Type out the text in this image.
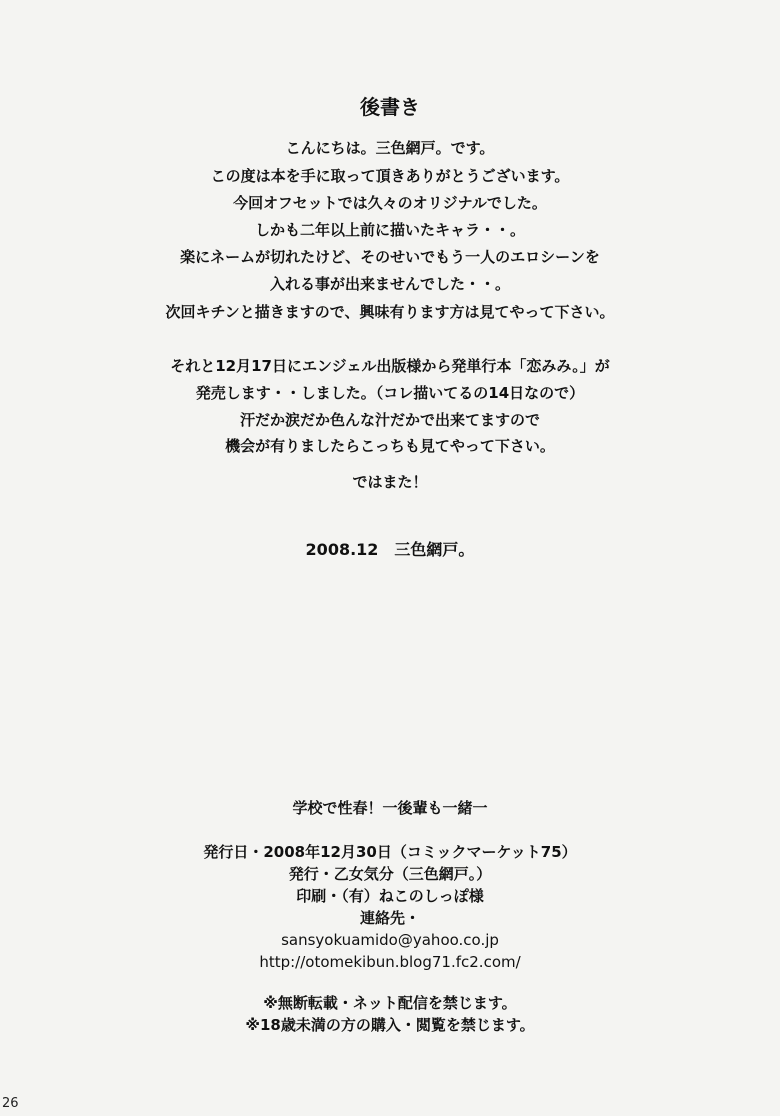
後書き
こんにちは。三色網戸。です。
この度は本を手に取って頂きありがとうございます。
今回オフセットでは久々のオリジナルでした。
しかも二年以上前に描いたキャラ・・。
楽にネームが切れたけど、そのせいでもう一人のエロシーンを
入れる事が出来ませんでした・・。
次回キチンと描きますので、興味有ります方は見てやって下さい。
それと12月17日にエンジェル出版様から発単行本「恋みみ。」が
発売します・・しました。（コレ描いてるの14日なので）
汗だか涙だか色んな汁だかで出来てますので
機会が有りましたらこっちも見てやって下さい。
ではまた！
2008.12　三色網戸。
学校で性春！一後輩も一緒一
発行日・2008年12月30日（コミックマーケット75）
発行・乙女気分（三色網戸。）
印刷・（有）ねこのしっぽ様
連絡先・
sansyokuamido@yahoo.co.jp
http://otomekibun.blog71.fc2.com/
※無断転載・ネット配信を禁じます。
※18歳未満の方の購入・閲覧を禁じます。
26
